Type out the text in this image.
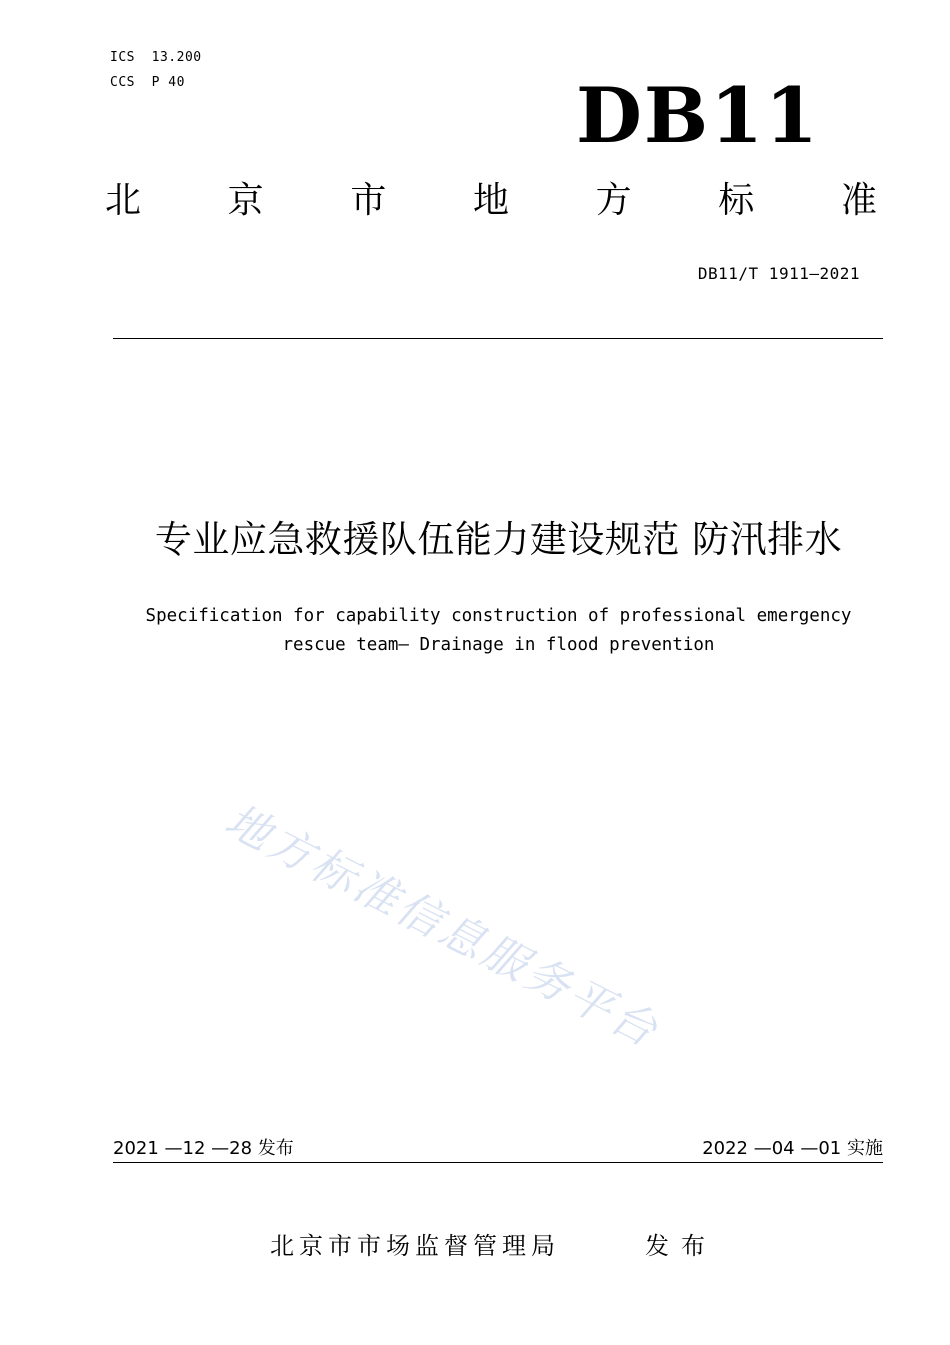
ICS  13.200
CCS  P 40	DB11
北 京 市 地 方 标 准
DB11/T 1911—2021
专业应急救援队伍能力建设规范 防汛排水
Specification for capability construction of professional emergency
rescue team— Drainage in flood prevention
地方标准信息服务平台
2021 —12 —28 发布	2022 —04 —01 实施
北京市市场监督管理局	发布
